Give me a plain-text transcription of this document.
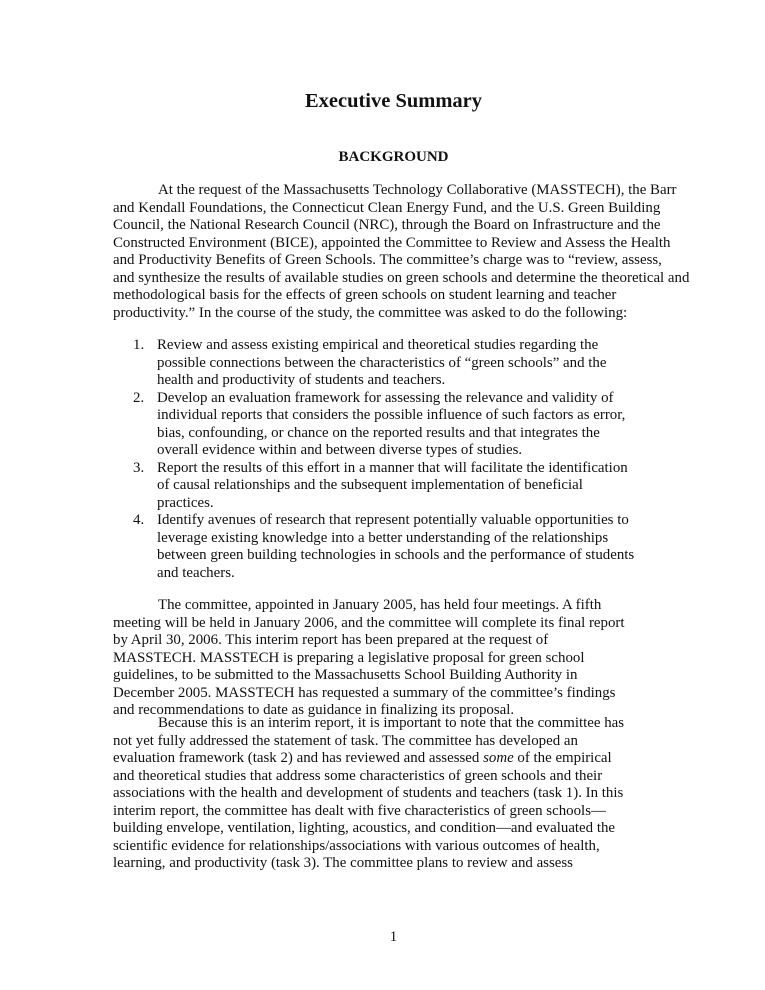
Executive Summary
BACKGROUND
At the request of the Massachusetts Technology Collaborative (MASSTECH), the Barr
and Kendall Foundations, the Connecticut Clean Energy Fund, and the U.S. Green Building
Council, the National Research Council (NRC), through the Board on Infrastructure and the
Constructed Environment (BICE), appointed the Committee to Review and Assess the Health
and Productivity Benefits of Green Schools. The committee’s charge was to “review, assess,
and synthesize the results of available studies on green schools and determine the theoretical and
methodological basis for the effects of green schools on student learning and teacher
productivity.” In the course of the study, the committee was asked to do the following:
1. Review and assess existing empirical and theoretical studies regarding the
possible connections between the characteristics of “green schools” and the
health and productivity of students and teachers.
2. Develop an evaluation framework for assessing the relevance and validity of
individual reports that considers the possible influence of such factors as error,
bias, confounding, or chance on the reported results and that integrates the
overall evidence within and between diverse types of studies.
3. Report the results of this effort in a manner that will facilitate the identification
of causal relationships and the subsequent implementation of beneficial
practices.
4. Identify avenues of research that represent potentially valuable opportunities to
leverage existing knowledge into a better understanding of the relationships
between green building technologies in schools and the performance of students
and teachers.
The committee, appointed in January 2005, has held four meetings. A fifth
meeting will be held in January 2006, and the committee will complete its final report
by April 30, 2006. This interim report has been prepared at the request of
MASSTECH. MASSTECH is preparing a legislative proposal for green school
guidelines, to be submitted to the Massachusetts School Building Authority in
December 2005. MASSTECH has requested a summary of the committee’s findings
and recommendations to date as guidance in finalizing its proposal.
Because this is an interim report, it is important to note that the committee has
not yet fully addressed the statement of task. The committee has developed an
evaluation framework (task 2) and has reviewed and assessed some of the empirical
and theoretical studies that address some characteristics of green schools and their
associations with the health and development of students and teachers (task 1). In this
interim report, the committee has dealt with five characteristics of green schools—
building envelope, ventilation, lighting, acoustics, and condition—and evaluated the
scientific evidence for relationships/associations with various outcomes of health,
learning, and productivity (task 3). The committee plans to review and assess
1
